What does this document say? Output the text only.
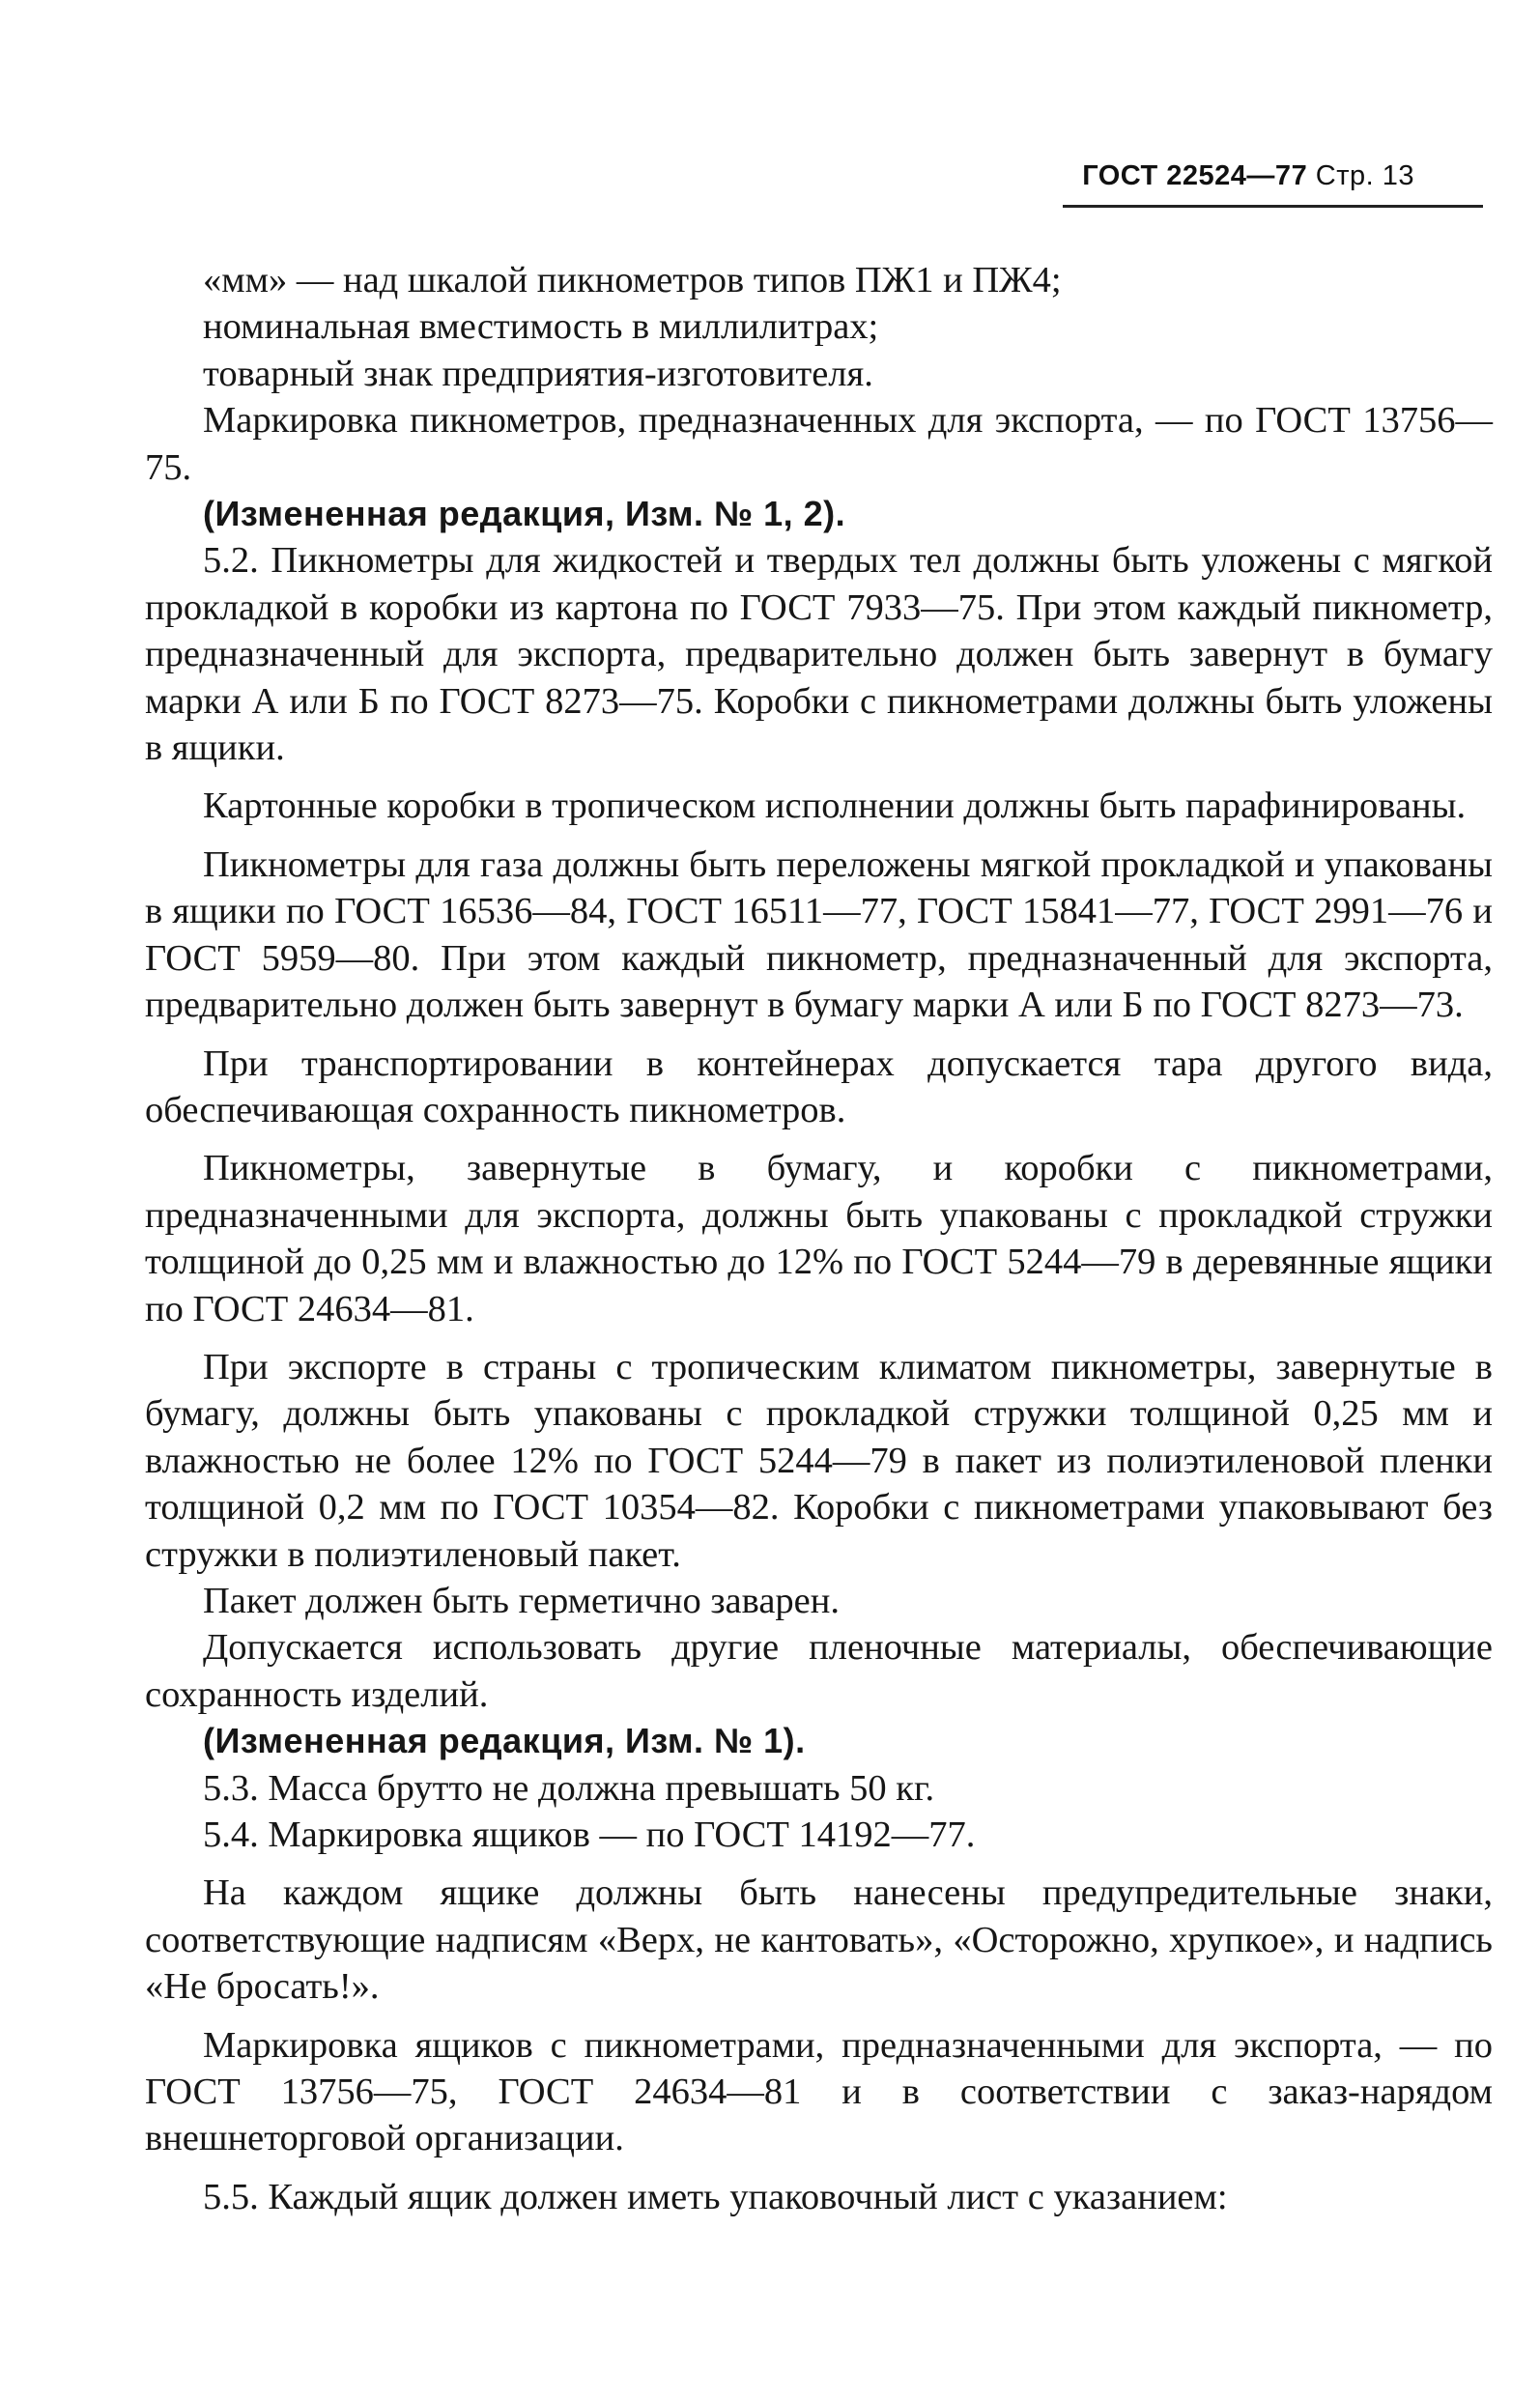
ГОСТ 22524—77 Стр. 13

«мм» — над шкалой пикнометров типов ПЖ1 и ПЖ4;

номинальная вместимость в миллилитрах;

товарный знак предприятия-изготовителя.

Маркировка пикнометров, предназначенных для экспорта, — по ГОСТ 13756—75.

(Измененная редакция, Изм. № 1, 2).

5.2. Пикнометры для жидкостей и твердых тел должны быть уложены с мягкой прокладкой в коробки из картона по ГОСТ 7933—75. При этом каждый пикнометр, предназначенный для экспорта, предварительно должен быть завернут в бумагу марки А или Б по ГОСТ 8273—75. Коробки с пикнометрами должны быть уложены в ящики.

Картонные коробки в тропическом исполнении должны быть парафинированы.

Пикнометры для газа должны быть переложены мягкой прокладкой и упакованы в ящики по ГОСТ 16536—84, ГОСТ 16511—77, ГОСТ 15841—77, ГОСТ 2991—76 и ГОСТ 5959—80. При этом каждый пикнометр, предназначенный для экспорта, предварительно должен быть завернут в бумагу марки А или Б по ГОСТ 8273—73.

При транспортировании в контейнерах допускается тара другого вида, обеспечивающая сохранность пикнометров.

Пикнометры, завернутые в бумагу, и коробки с пикнометрами, предназначенными для экспорта, должны быть упакованы с прокладкой стружки толщиной до 0,25 мм и влажностью до 12% по ГОСТ 5244—79 в деревянные ящики по ГОСТ 24634—81.

При экспорте в страны с тропическим климатом пикнометры, завернутые в бумагу, должны быть упакованы с прокладкой стружки толщиной 0,25 мм и влажностью не более 12% по ГОСТ 5244—79 в пакет из полиэтиленовой пленки толщиной 0,2 мм по ГОСТ 10354—82. Коробки с пикнометрами упаковывают без стружки в полиэтиленовый пакет.

Пакет должен быть герметично заварен.

Допускается использовать другие пленочные материалы, обеспечивающие сохранность изделий.

(Измененная редакция, Изм. № 1).

5.3. Масса брутто не должна превышать 50 кг.

5.4. Маркировка ящиков — по ГОСТ 14192—77.

На каждом ящике должны быть нанесены предупредительные знаки, соответствующие надписям «Верх, не кантовать», «Осторожно, хрупкое», и надпись «Не бросать!».

Маркировка ящиков с пикнометрами, предназначенными для экспорта, — по ГОСТ 13756—75, ГОСТ 24634—81 и в соответствии с заказ-нарядом внешнеторговой организации.

5.5. Каждый ящик должен иметь упаковочный лист с указанием:
